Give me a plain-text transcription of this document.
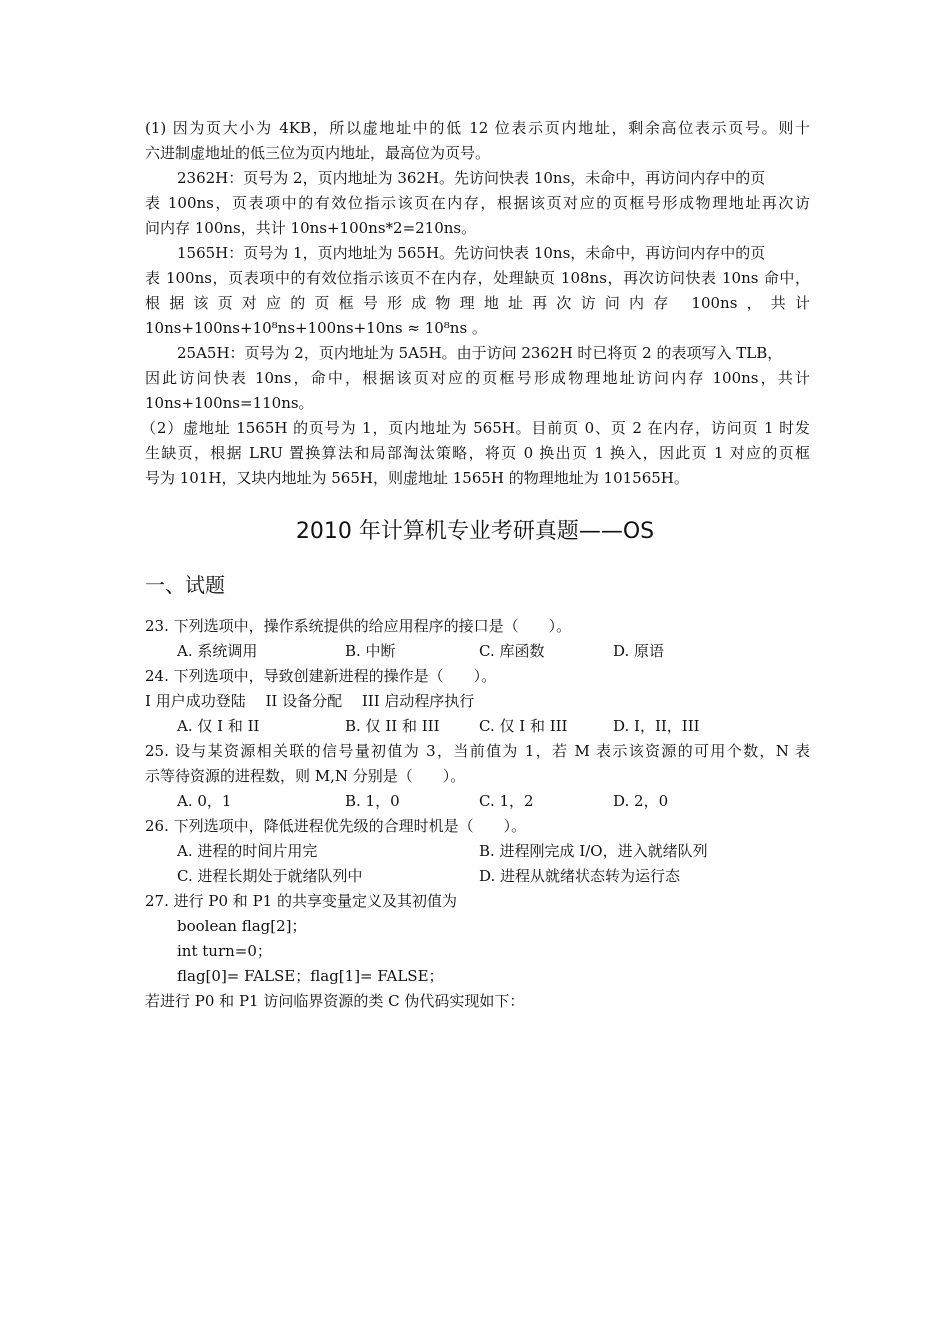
(1) 因为页大小为 4KB，所以虚地址中的低 12 位表示页内地址，剩余高位表示页号。则十
六进制虚地址的低三位为页内地址，最高位为页号。
2362H：页号为 2，页内地址为 362H。先访问快表 10ns，未命中，再访问内存中的页
表 100ns，页表项中的有效位指示该页在内存，根据该页对应的页框号形成物理地址再次访
问内存 100ns，共计 10ns+100ns*2=210ns。
1565H：页号为 1，页内地址为 565H。先访问快表 10ns，未命中，再访问内存中的页
表 100ns，页表项中的有效位指示该页不在内存，处理缺页 108ns，再次访问快表 10ns 命中，
根据该页对应的页框号形成物理地址再次访问内存 100ns，共计
10ns+100ns+10⁸ns+100ns+10ns ≈ 10⁸ns 。
25A5H：页号为 2，页内地址为 5A5H。由于访问 2362H 时已将页 2 的表项写入 TLB，
因此访问快表 10ns，命中，根据该页对应的页框号形成物理地址访问内存 100ns，共计
10ns+100ns=110ns。
（2）虚地址 1565H 的页号为 1，页内地址为 565H。目前页 0、页 2 在内存，访问页 1 时发
生缺页，根据 LRU 置换算法和局部淘汰策略，将页 0 换出页 1 换入，因此页 1 对应的页框
号为 101H，又块内地址为 565H，则虚地址 1565H 的物理地址为 101565H。
2010 年计算机专业考研真题——OS
一、试题
23. 下列选项中，操作系统提供的给应用程序的接口是（　　）。
A. 系统调用	B. 中断	C. 库函数	D. 原语
24. 下列选项中，导致创建新进程的操作是（　　）。
I 用户成功登陆　 II 设备分配　 III 启动程序执行
A. 仅 I 和 II	B. 仅 II 和 III	C. 仅 I 和 III	D. I，II，III
25. 设与某资源相关联的信号量初值为 3，当前值为 1，若 M 表示该资源的可用个数，N 表
示等待资源的进程数，则 M,N 分别是（　　）。
A. 0，1	B. 1，0	C. 1，2	D. 2，0
26. 下列选项中，降低进程优先级的合理时机是（　　）。
A. 进程的时间片用完	B. 进程刚完成 I/O，进入就绪队列
C. 进程长期处于就绪队列中	D. 进程从就绪状态转为运行态
27. 进行 P0 和 P1 的共享变量定义及其初值为
boolean flag[2]；
int turn=0；
flag[0]= FALSE；flag[1]= FALSE；
若进行 P0 和 P1 访问临界资源的类 C 伪代码实现如下：
